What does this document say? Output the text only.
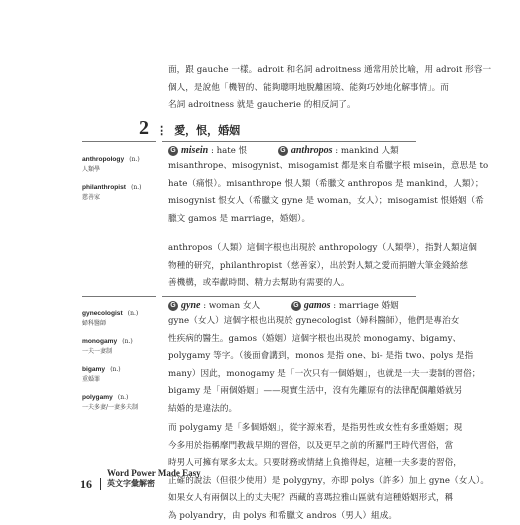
面，跟 gauche 一樣。adroit 和名詞 adroitness 通常用於比喻，用 adroit 形容一

個人，是說他「機智的、能夠聰明地脫離困境、能夠巧妙地化解事情」。而

名詞 adroitness 就是 gaucherie 的相反詞了。

2 ⋮ 愛，恨，婚姻
anthropology (n.)
人類學
philanthropist (n.)
慈善家
G misein : hate 恨	G anthropos : mankind 人類

misanthrope、misogynist、misogamist 都是來自希臘字根 misein，意思是 to

hate（痛恨）。misanthrope 恨人類（希臘文 anthropos 是 mankind，人類）；

misogynist 恨女人（希臘文 gyne 是 woman，女人）；misogamist 恨婚姻（希

臘文 gamos 是 marriage，婚姻）。

anthropos（人類）這個字根也出現於 anthropology（人類學），指對人類這個

物種的研究，philanthropist（慈善家），出於對人類之愛而捐贈大筆金錢給慈

善機構，或奉獻時間、精力去幫助有需要的人。

gynecologist (n.)
婦科醫師
monogamy (n.)
一夫一妻制
bigamy (n.)
重婚罪
polygamy (n.)
一夫多妻/一妻多夫制
G gyne : woman 女人	G gamos : marriage 婚姻

gyne（女人）這個字根也出現於 gynecologist（婦科醫師），他們是專治女

性疾病的醫生。gamos（婚姻）這個字根也出現於 monogamy、bigamy、

polygamy 等字。（後面會講到，monos 是指 one、bi- 是指 two、polys 是指

many）因此，monogamy 是「一次只有一個婚姻」，也就是一夫一妻制的習俗；

bigamy 是「兩個婚姻」——現實生活中，沒有先離原有的法律配偶離婚就另

結婚的是違法的。

而 polygamy 是「多個婚姻」，從字源來看，是指男性或女性有多重婚姻；現

今多用於指稱摩門教裁早期的習俗，以及更早之前的所羅門王時代習俗，當

時男人可擁有眾多太太。只要財務或情緒上負擔得起，這種一夫多妻的習俗，

正確的說法（但很少使用）是 polygyny，亦即 polys（許多）加上 gyne（女人）。

如果女人有兩個以上的丈夫呢？西藏的喜瑪拉雅山區就有這種婚姻形式，稱

為 polyandry，由 polys 和希臘文 andros（男人）組成。

16
Word Power Made Easy
英文字彙解密
